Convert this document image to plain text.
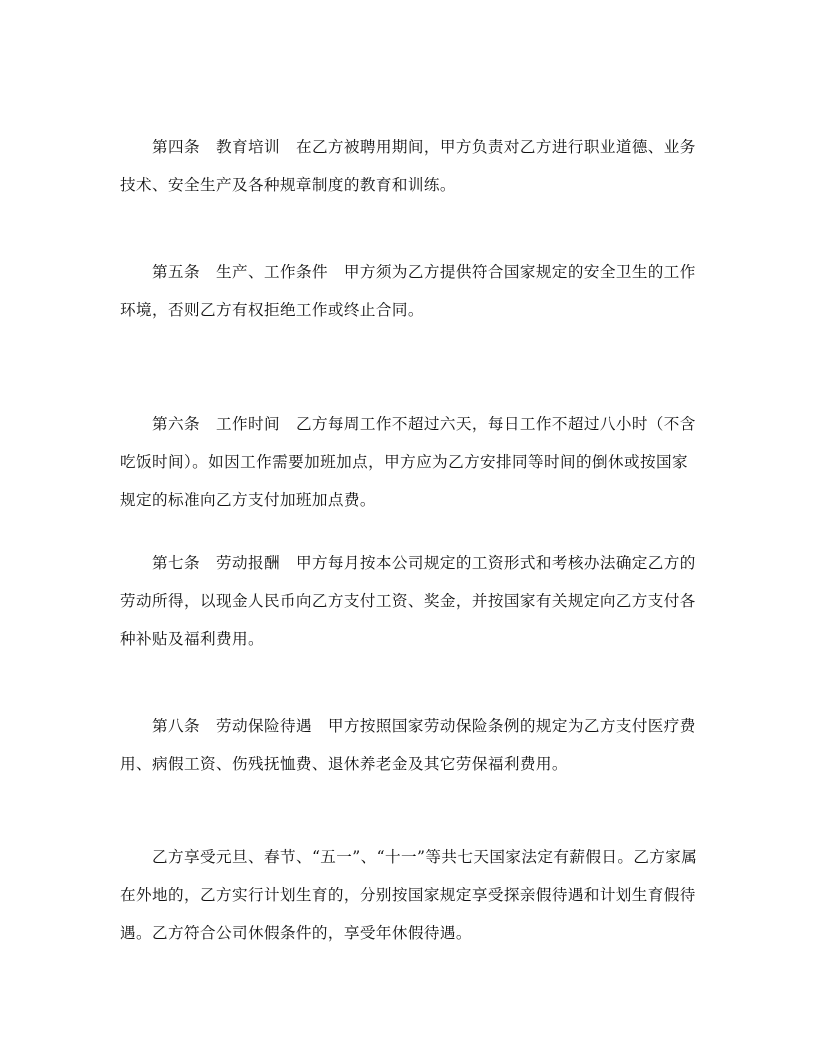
第四条　教育培训　在乙方被聘用期间，甲方负责对乙方进行职业道德、业务
技术、安全生产及各种规章制度的教育和训练。

第五条　生产、工作条件　甲方须为乙方提供符合国家规定的安全卫生的工作
环境，否则乙方有权拒绝工作或终止合同。

第六条　工作时间　乙方每周工作不超过六天，每日工作不超过八小时（不含
吃饭时间）。如因工作需要加班加点，甲方应为乙方安排同等时间的倒休或按国家
规定的标准向乙方支付加班加点费。

第七条　劳动报酬　甲方每月按本公司规定的工资形式和考核办法确定乙方的
劳动所得，以现金人民币向乙方支付工资、奖金，并按国家有关规定向乙方支付各
种补贴及福利费用。

第八条　劳动保险待遇　甲方按照国家劳动保险条例的规定为乙方支付医疗费
用、病假工资、伤残抚恤费、退休养老金及其它劳保福利费用。

乙方享受元旦、春节、“五一”、“十一”等共七天国家法定有薪假日。乙方家属
在外地的，乙方实行计划生育的，分别按国家规定享受探亲假待遇和计划生育假待
遇。乙方符合公司休假条件的，享受年休假待遇。
